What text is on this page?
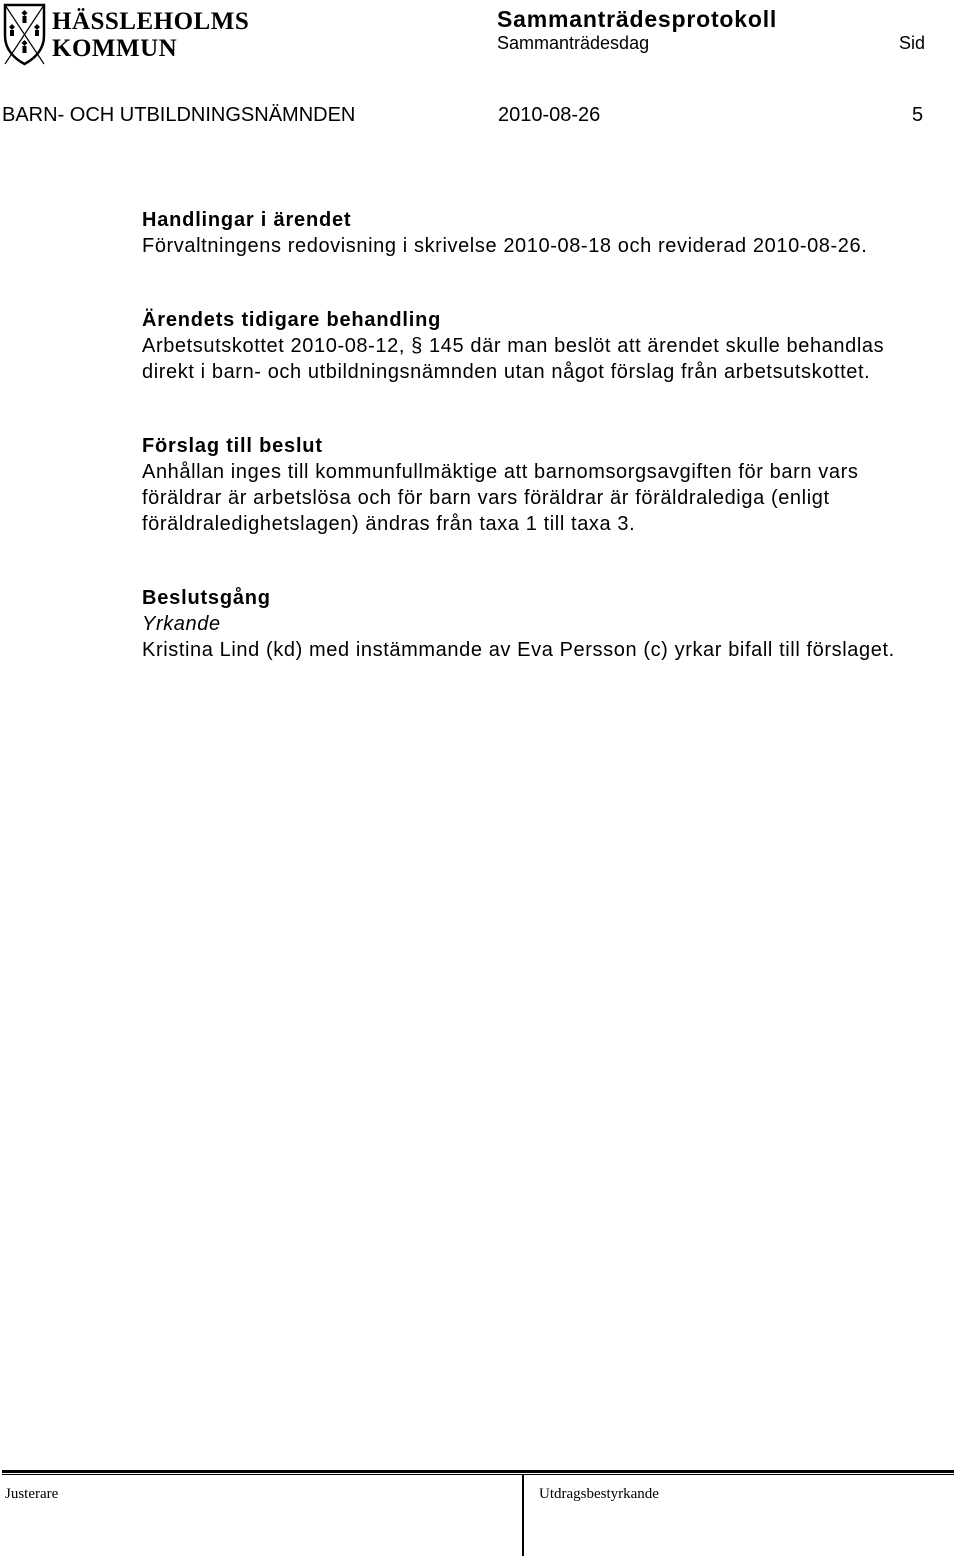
HÄSSLEHOLMS
KOMMUN
Sammanträdesprotokoll
Sammanträdesdag	Sid
BARN- OCH UTBILDNINGSNÄMNDEN	2010-08-26	5
Handlingar i ärendet

Förvaltningens redovisning i skrivelse 2010-08-18 och reviderad 2010-08-26.

Ärendets tidigare behandling

Arbetsutskottet 2010-08-12, § 145 där man beslöt att ärendet skulle behandlas direkt i barn- och utbildningsnämnden utan något förslag från arbetsutskottet.

Förslag till beslut

Anhållan inges till kommunfullmäktige att barnomsorgsavgiften för barn vars föräldrar är arbetslösa och för barn vars föräldrar är föräldralediga (enligt föräldraledighetslagen) ändras från taxa 1 till taxa 3.

Beslutsgång

Yrkande

Kristina Lind (kd) med instämmande av Eva Persson (c) yrkar bifall till förslaget.

Justerare	Utdragsbestyrkande
